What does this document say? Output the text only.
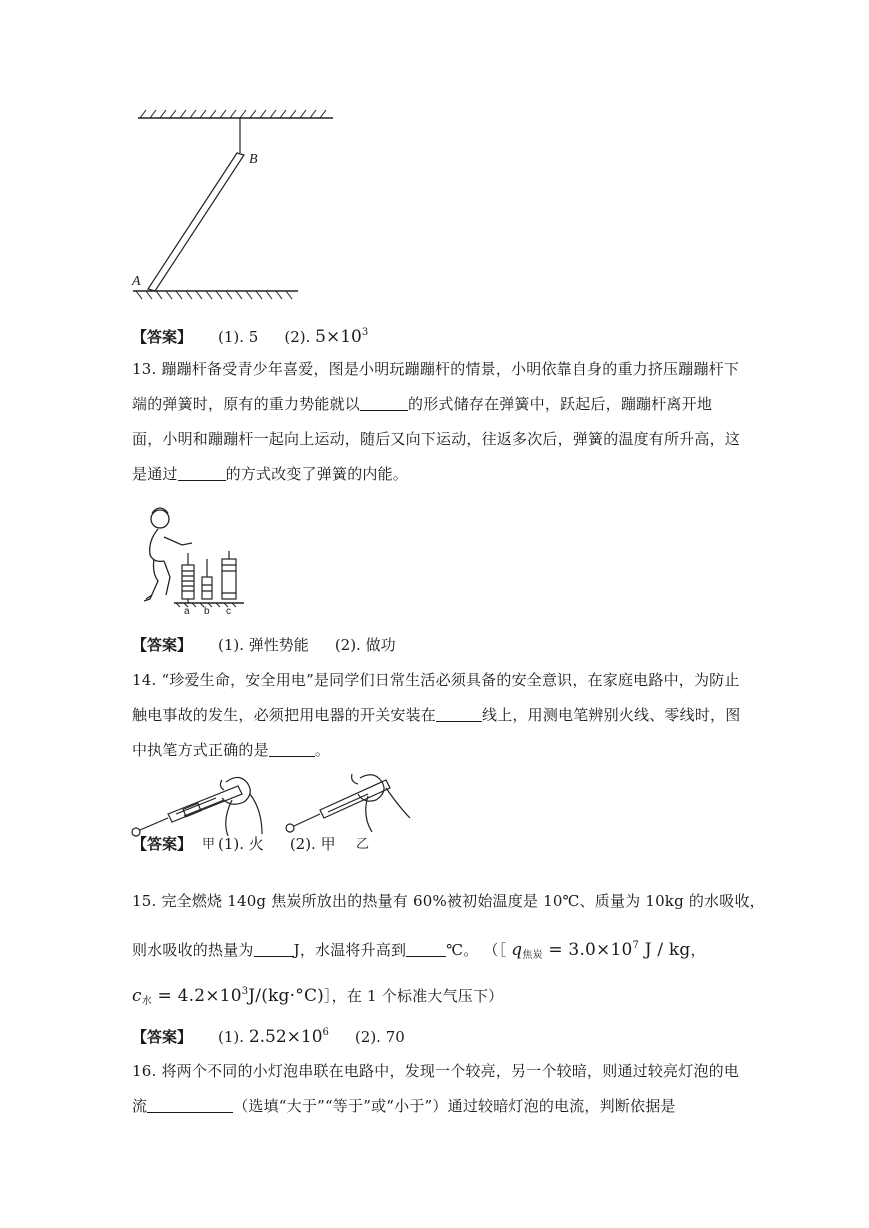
B
A
【答案】 (1). 5 (2). $5\times 10^3$
13. 蹦蹦杆备受青少年喜爱，图是小明玩蹦蹦杆的情景，小明依靠自身的重力挤压蹦蹦杆下端的弹簧时，原有的重力势能就以	的形式储存在弹簧中，跃起后，蹦蹦杆离开地面，小明和蹦蹦杆一起向上运动，随后又向下运动，往返多次后，弹簧的温度有所升高，这是通过	的方式改变了弹簧的内能。
a b c
【答案】 (1). 弹性势能 (2). 做功
14. “珍爱生命，安全用电”是同学们日常生活必须具备的安全意识，在家庭电路中，为防止触电事故的发生，必须把用电器的开关安装在	线上，用测电笔辨别火线、零线时，图中执笔方式正确的是	。
甲	乙
【答案】 (1). 火 (2). 甲
15. 完全燃烧 140g 焦炭所放出的热量有 60%被初始温度是 10℃、质量为 10kg 的水吸收，
则水吸收的热量为	J，水温将升高到	℃。 （［ $q_{焦炭} = 3.0\times 10^7$ J / kg，
$c_水$ = $4.2\times 10^3J/(kg\cdot^\circ C)]$，在 1 个标准大气压下）
【答案】 (1). $2.52\times 10^6$ (2). 70
16. 将两个不同的小灯泡串联在电路中，发现一个较亮，另一个较暗，则通过较亮灯泡的电
流	（选填“大于”“等于”或“小于”）通过较暗灯泡的电流，判断依据是
